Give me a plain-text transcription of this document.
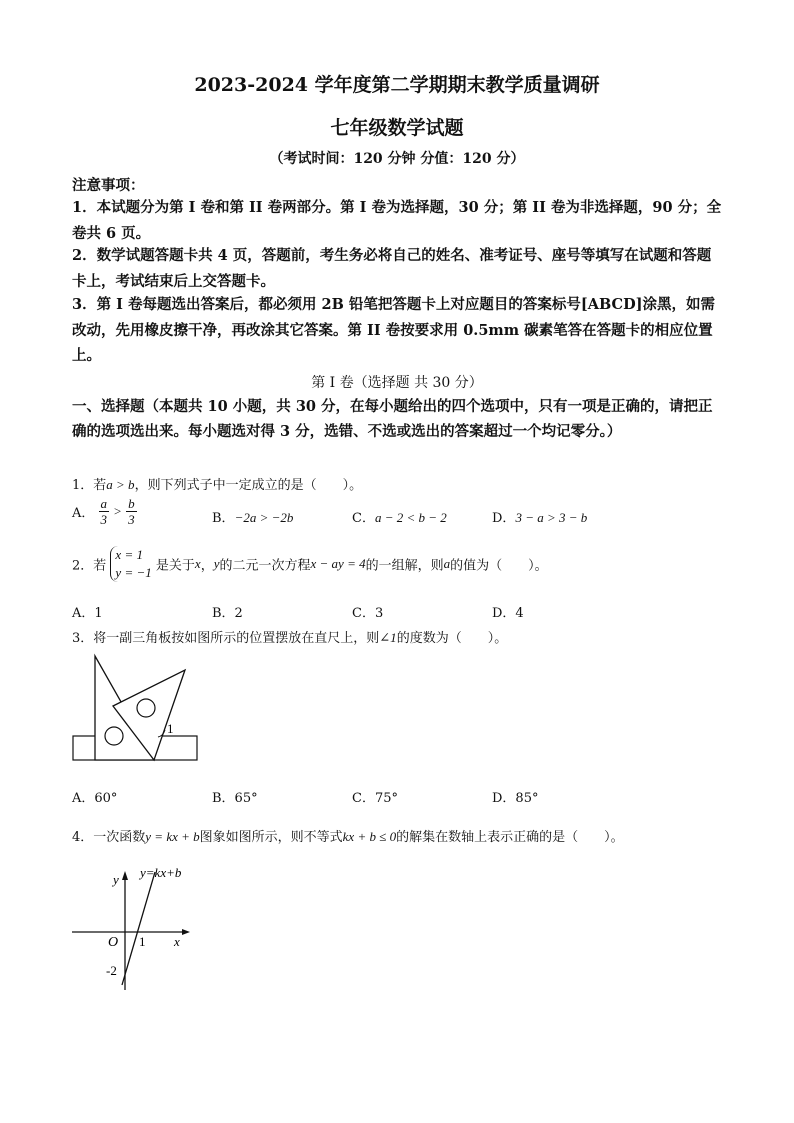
2023-2024 学年度第二学期期末教学质量调研
七年级数学试题
（考试时间：120 分钟 分值：120 分）
注意事项：
1．本试题分为第 I 卷和第 II 卷两部分。第 I 卷为选择题，30 分；第 II 卷为非选择题，90 分；全卷共 6 页。
2．数学试题答题卡共 4 页，答题前，考生务必将自己的姓名、准考证号、座号等填写在试题和答题卡上，考试结束后上交答题卡。
3．第 I 卷每题选出答案后，都必须用 2B 铅笔把答题卡上对应题目的答案标号[ABCD]涂黑，如需改动，先用橡皮擦干净，再改涂其它答案。第 II 卷按要求用 0.5mm 碳素笔答在答题卡的相应位置上。
第 I 卷（选择题 共 30 分）
一、选择题（本题共 10 小题，共 30 分，在每小题给出的四个选项中，只有一项是正确的，请把正确的选项选出来。每小题选对得 3 分，选错、不选或选出的答案超过一个均记零分。）
1．若a > b，则下列式子中一定成立的是（　　）。
A． $\frac{a}{3} > \frac{b}{3}$	B．−2a > −2b	C．a − 2 < b − 2	D．3 − a > 3 − b
2．若
x = 1
y = −1 是关于x，y的二元一次方程x − ay = 4的一组解，则a的值为（　　）。
A．1	B．2	C．3	D．4
3．将一副三角板按如图所示的位置摆放在直尺上，则∠1的度数为（　　）。
1
A．60°	B．65°	C．75°	D．85°
4．一次函数y = kx + b图象如图所示，则不等式kx + b ≤ 0的解集在数轴上表示正确的是（　　）。
y=kx+b
y
x
O 1
-2
